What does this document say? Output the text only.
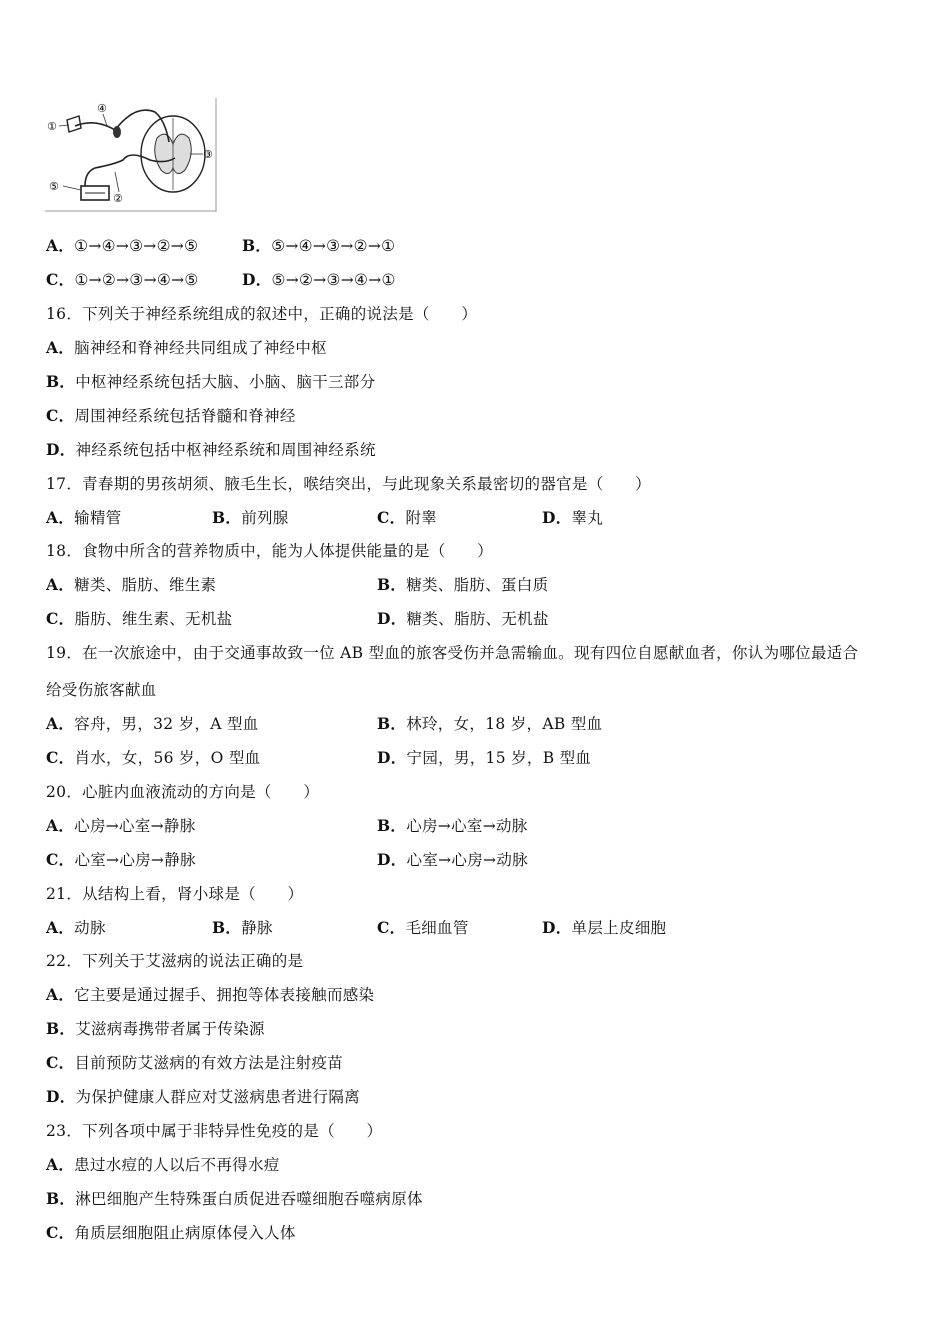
①
④
③
②
⑤
A．①→④→③→②→⑤	B．⑤→④→③→②→①
C．①→②→③→④→⑤	D．⑤→②→③→④→①
16．下列关于神经系统组成的叙述中，正确的说法是（　　）
A．脑神经和脊神经共同组成了神经中枢
B．中枢神经系统包括大脑、小脑、脑干三部分
C．周围神经系统包括脊髓和脊神经
D．神经系统包括中枢神经系统和周围神经系统
17．青春期的男孩胡须、腋毛生长，喉结突出，与此现象关系最密切的器官是（　　）
A．输精管	B．前列腺	C．附睾	D．睾丸
18．食物中所含的营养物质中，能为人体提供能量的是（　　）
A．糖类、脂肪、维生素	B．糖类、脂肪、蛋白质
C．脂肪、维生素、无机盐	D．糖类、脂肪、无机盐
19．在一次旅途中，由于交通事故致一位 AB 型血的旅客受伤并急需输血。现有四位自愿献血者，你认为哪位最适合
给受伤旅客献血
A．容舟，男，32 岁，A 型血	B．林玲，女，18 岁，AB 型血
C．肖水，女，56 岁，O 型血	D．宁园，男，15 岁，B 型血
20．心脏内血液流动的方向是（　　）
A．心房→心室→静脉	B．心房→心室→动脉
C．心室→心房→静脉	D．心室→心房→动脉
21．从结构上看，肾小球是（　　）
A．动脉	B．静脉	C．毛细血管	D．单层上皮细胞
22．下列关于艾滋病的说法正确的是
A．它主要是通过握手、拥抱等体表接触而感染
B．艾滋病毒携带者属于传染源
C．目前预防艾滋病的有效方法是注射疫苗
D．为保护健康人群应对艾滋病患者进行隔离
23．下列各项中属于非特异性免疫的是（　　）
A．患过水痘的人以后不再得水痘
B．淋巴细胞产生特殊蛋白质促进吞噬细胞吞噬病原体
C．角质层细胞阻止病原体侵入人体
